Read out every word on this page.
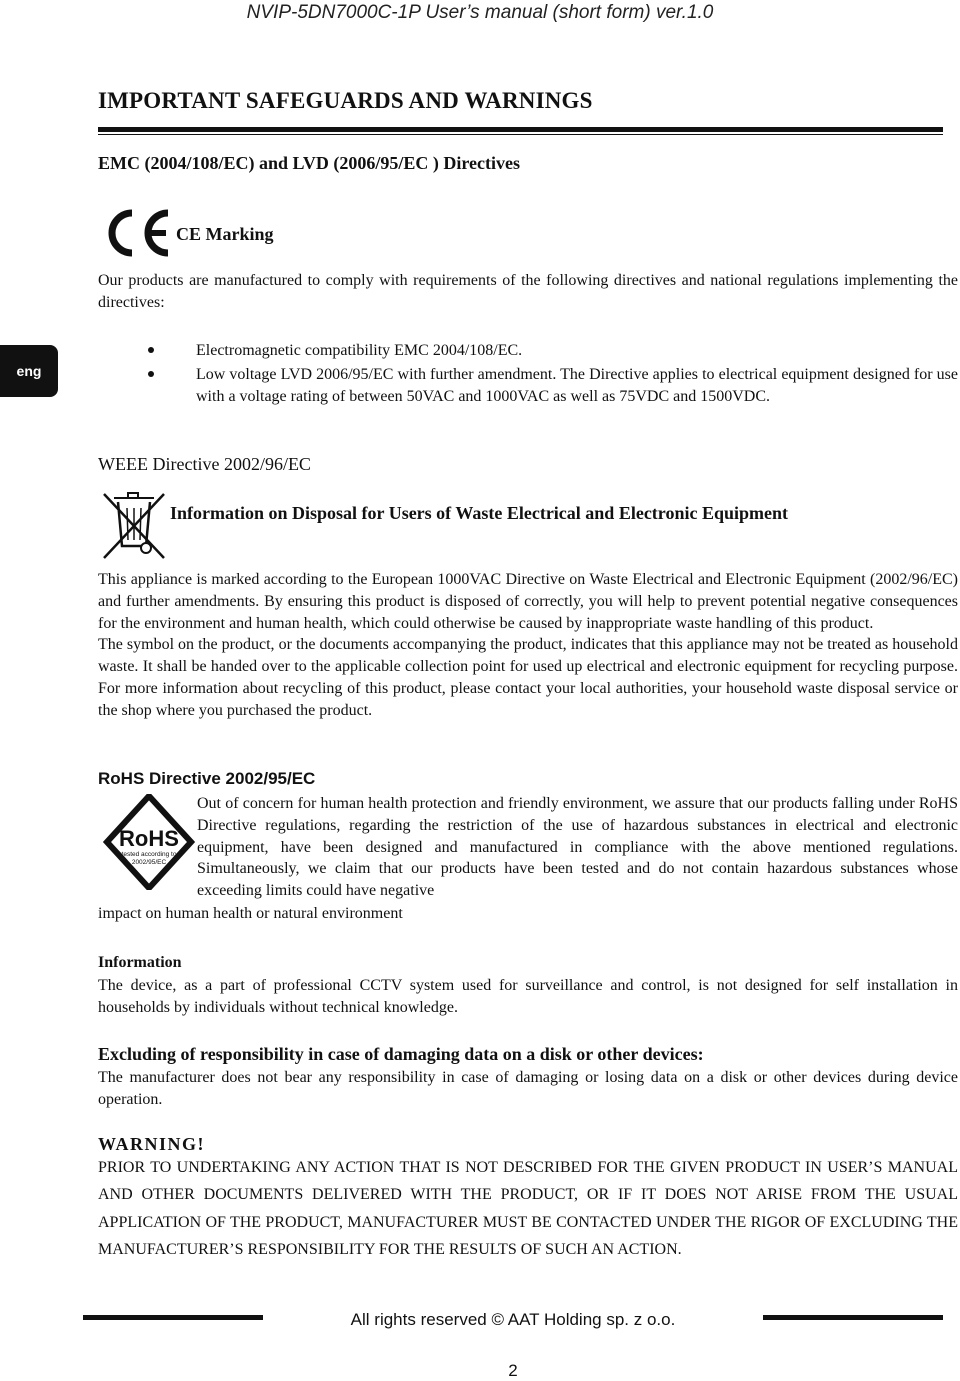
NVIP-5DN7000C-1P User’s manual (short form) ver.1.0
eng
IMPORTANT SAFEGUARDS AND WARNINGS
EMC (2004/108/EC) and LVD (2006/95/EC ) Directives
CE Marking
Our products are manufactured to comply with requirements of the following directives and national regulations implementing the directives:
Electromagnetic compatibility EMC 2004/108/EC.
Low voltage LVD 2006/95/EC with further amendment. The Directive applies to electrical equipment designed for use with a voltage rating of between 50VAC and 1000VAC as well as 75VDC and 1500VDC.
WEEE Directive 2002/96/EC
Information on Disposal for Users of Waste Electrical and Electronic Equipment

This appliance is marked according to the European 1000VAC Directive on Waste Electrical and Electronic Equipment (2002/96/EC) and further amendments. By ensuring this product is disposed of correctly, you will help to prevent potential negative consequences for the environment and human health, which could otherwise be caused by inappropriate waste handling of this product.

The symbol on the product, or the documents accompanying the product, indicates that this appliance may not be treated as household waste. It shall be handed over to the applicable collection point for used up electrical and electronic equipment for recycling purpose. For more information about recycling of this product, please contact your local authorities, your household waste disposal service or the shop where you purchased the product.

RoHS Directive 2002/95/EC
RoHS
tested according to
2002/95/EC
Out of concern for human health protection and friendly environment, we assure that our products falling under RoHS Directive regulations, regarding the restriction of the use of hazardous substances in electrical and electronic equipment, have been designed and manufactured in compliance with the above mentioned regulations. Simultaneously, we claim that our products have been tested and do not contain hazardous substances whose exceeding limits could have negative
impact on human health or natural environment
Information
The device, as a part of professional CCTV system used for surveillance and control, is not designed for self installation in households by individuals without technical knowledge.
Excluding of responsibility in case of damaging data on a disk or other devices:
The manufacturer does not bear any responsibility in case of damaging or losing data on a disk or other devices during device operation.
WARNING!
PRIOR TO UNDERTAKING ANY ACTION THAT IS NOT DESCRIBED FOR THE GIVEN PRODUCT IN USER’S MANUAL AND OTHER DOCUMENTS DELIVERED WITH THE PRODUCT, OR IF IT DOES NOT ARISE FROM THE USUAL APPLICATION OF THE PRODUCT, MANUFACTURER MUST BE CONTACTED UNDER THE RIGOR OF EXCLUDING THE MANUFACTURER’S RESPONSIBILITY FOR THE RESULTS OF SUCH AN ACTION.
All rights reserved © AAT Holding sp. z o.o.
2
